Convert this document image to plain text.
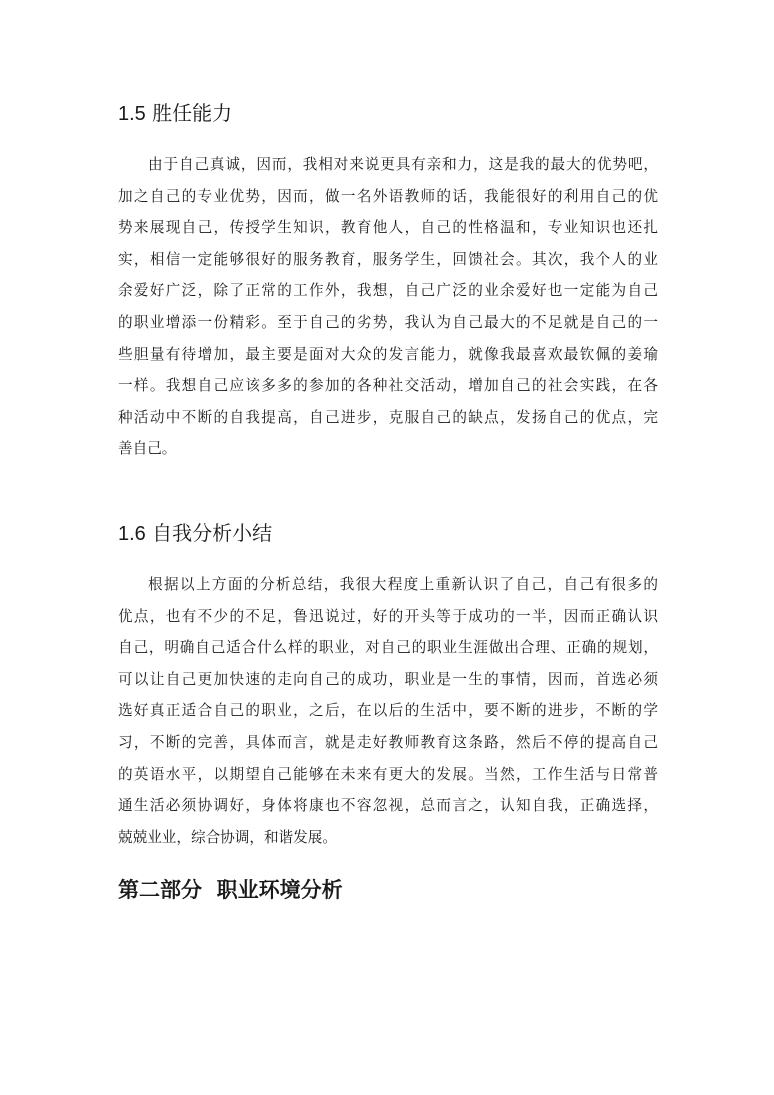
1.5 胜任能力
由于自己真诚，因而，我相对来说更具有亲和力，这是我的最大的优势吧，
加之自己的专业优势，因而，做一名外语教师的话，我能很好的利用自己的优
势来展现自己，传授学生知识，教育他人，自己的性格温和，专业知识也还扎
实，相信一定能够很好的服务教育，服务学生，回馈社会。其次，我个人的业
余爱好广泛，除了正常的工作外，我想，自己广泛的业余爱好也一定能为自己
的职业增添一份精彩。至于自己的劣势，我认为自己最大的不足就是自己的一
些胆量有待增加，最主要是面对大众的发言能力，就像我最喜欢最钦佩的姜瑜
一样。我想自己应该多多的参加的各种社交活动，增加自己的社会实践，在各
种活动中不断的自我提高，自己进步，克服自己的缺点，发扬自己的优点，完
善自己。
1.6 自我分析小结
根据以上方面的分析总结，我很大程度上重新认识了自己，自己有很多的
优点，也有不少的不足，鲁迅说过，好的开头等于成功的一半，因而正确认识
自己，明确自己适合什么样的职业，对自己的职业生涯做出合理、正确的规划，
可以让自己更加快速的走向自己的成功，职业是一生的事情，因而，首选必须
选好真正适合自己的职业，之后，在以后的生活中，要不断的进步，不断的学
习，不断的完善，具体而言，就是走好教师教育这条路，然后不停的提高自己
的英语水平，以期望自己能够在未来有更大的发展。当然，工作生活与日常普
通生活必须协调好，身体将康也不容忽视，总而言之，认知自我，正确选择，
兢兢业业，综合协调，和谐发展。
第二部分  职业环境分析
